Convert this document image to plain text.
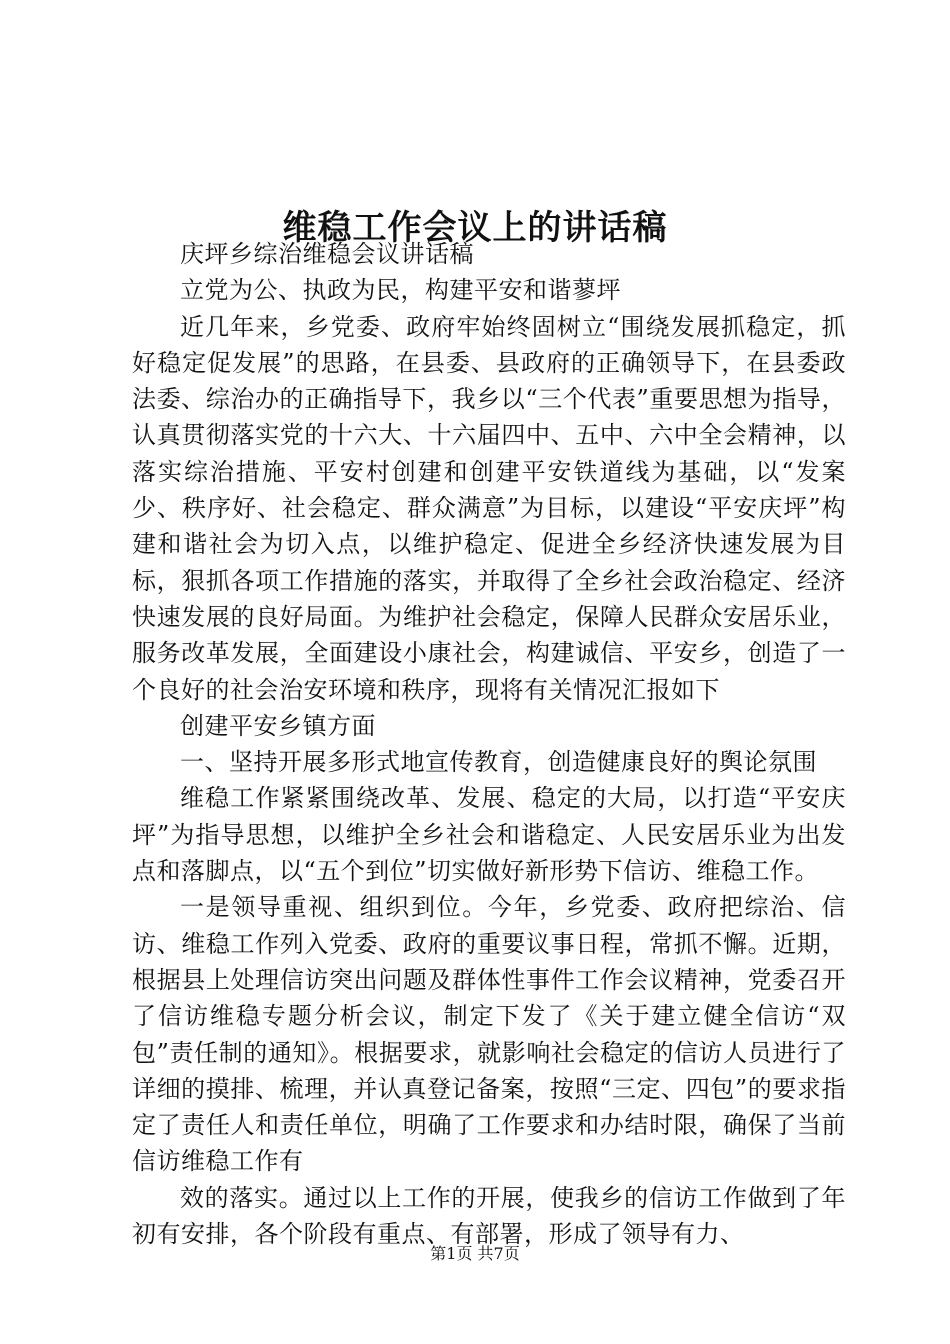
维稳工作会议上的讲话稿

庆坪乡综治维稳会议讲话稿

立党为公、执政为民，构建平安和谐蓼坪

近几年来，乡党委、政府牢始终固树立“围绕发展抓稳定，抓好稳定促发展”的思路，在县委、县政府的正确领导下，在县委政法委、综治办的正确指导下，我乡以“三个代表”重要思想为指导，认真贯彻落实党的十六大、十六届四中、五中、六中全会精神，以落实综治措施、平安村创建和创建平安铁道线为基础，以“发案少、秩序好、社会稳定、群众满意”为目标，以建设“平安庆坪”构建和谐社会为切入点，以维护稳定、促进全乡经济快速发展为目标，狠抓各项工作措施的落实，并取得了全乡社会政治稳定、经济快速发展的良好局面。为维护社会稳定，保障人民群众安居乐业，服务改革发展，全面建设小康社会，构建诚信、平安乡，创造了一个良好的社会治安环境和秩序，现将有关情况汇报如下

创建平安乡镇方面

一、坚持开展多形式地宣传教育，创造健康良好的舆论氛围

维稳工作紧紧围绕改革、发展、稳定的大局，以打造“平安庆坪”为指导思想，以维护全乡社会和谐稳定、人民安居乐业为出发点和落脚点，以“五个到位”切实做好新形势下信访、维稳工作。

一是领导重视、组织到位。今年，乡党委、政府把综治、信访、维稳工作列入党委、政府的重要议事日程，常抓不懈。近期，根据县上处理信访突出问题及群体性事件工作会议精神，党委召开了信访维稳专题分析会议，制定下发了《关于建立健全信访“双包”责任制的通知》。根据要求，就影响社会稳定的信访人员进行了详细的摸排、梳理，并认真登记备案，按照“三定、四包”的要求指定了责任人和责任单位，明确了工作要求和办结时限，确保了当前信访维稳工作有

效的落实。通过以上工作的开展，使我乡的信访工作做到了年初有安排，各个阶段有重点、有部署，形成了领导有力、

第1页 共7页
